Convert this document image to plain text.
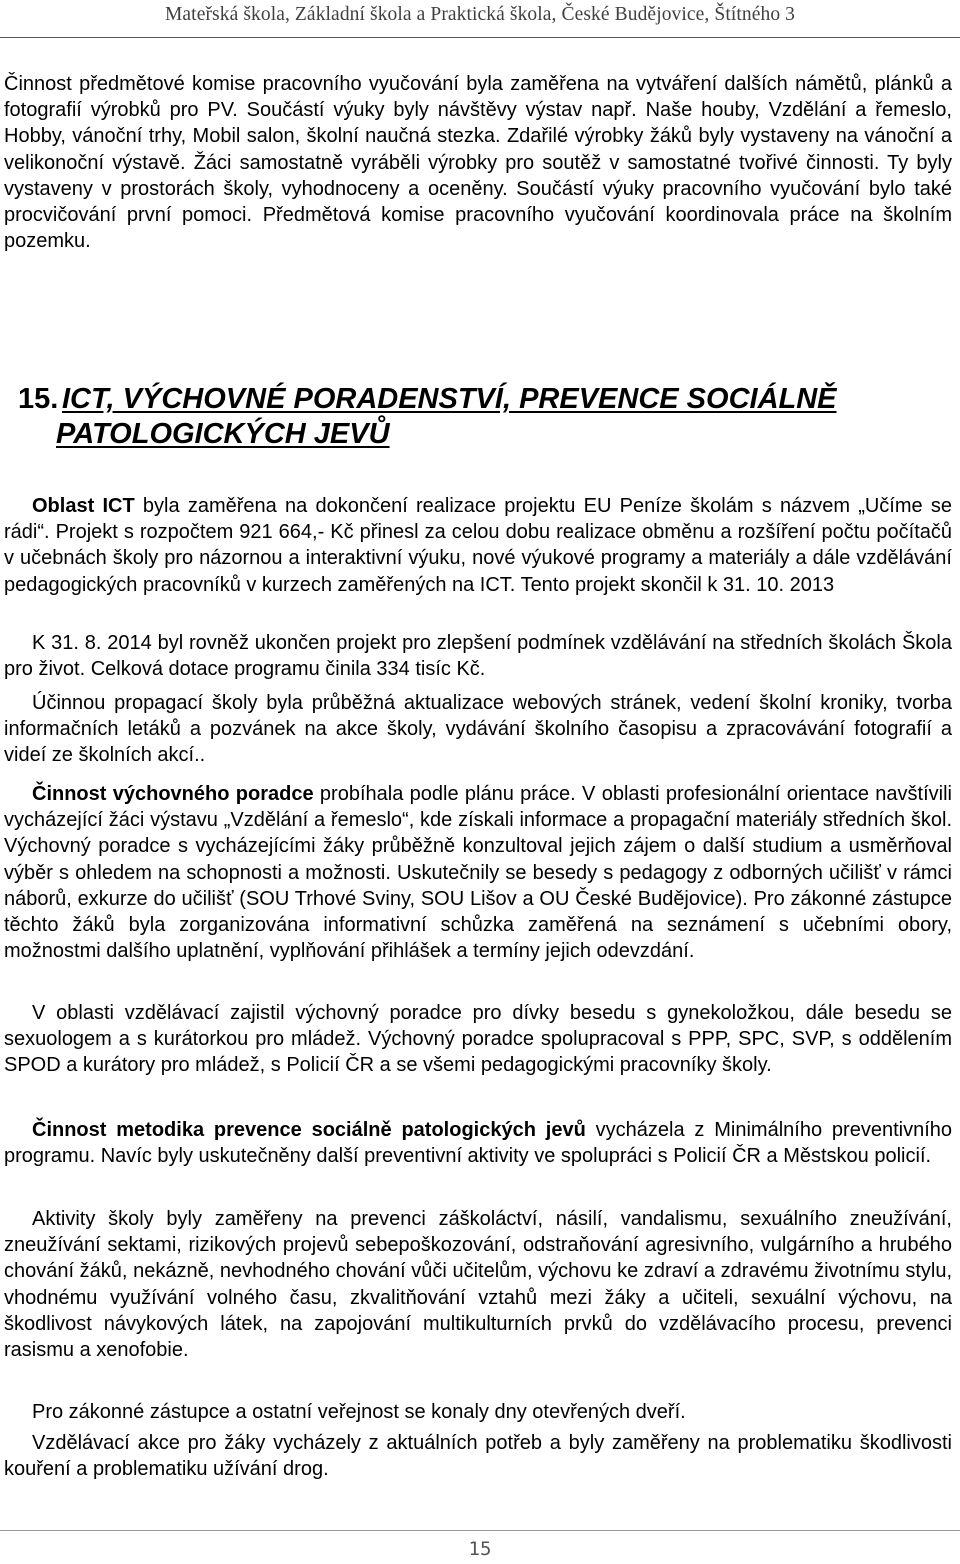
Mateřská škola, Základní škola a Praktická škola, České Budějovice, Štítného 3

Činnost předmětové komise pracovního vyučování byla zaměřena na vytváření dalších námětů, plánků a fotografií výrobků pro PV. Součástí výuky byly návštěvy výstav např. Naše houby, Vzdělání a řemeslo, Hobby, vánoční trhy, Mobil salon, školní naučná stezka. Zdařilé výrobky žáků byly vystaveny na vánoční a velikonoční výstavě. Žáci samostatně vyráběli výrobky pro soutěž v samostatné tvořivé činnosti. Ty byly vystaveny v prostorách školy, vyhodnoceny a oceněny. Součástí výuky pracovního vyučování bylo také procvičování první pomoci. Předmětová komise pracovního vyučování koordinovala práce na školním pozemku.

15. ICT, VÝCHOVNÉ PORADENSTVÍ, PREVENCE SOCIÁLNĚ
PATOLOGICKÝCH JEVŮ

Oblast ICT byla zaměřena na dokončení realizace projektu EU Peníze školám s názvem „Učíme se rádi“. Projekt s rozpočtem 921 664,- Kč přinesl za celou dobu realizace obměnu a rozšíření počtu počítačů v učebnách školy pro názornou a interaktivní výuku, nové výukové programy a materiály a dále vzdělávání pedagogických pracovníků v kurzech zaměřených na ICT. Tento projekt skončil k 31. 10. 2013

K 31. 8. 2014 byl rovněž ukončen projekt pro zlepšení podmínek vzdělávání na středních školách Škola pro život. Celková dotace programu činila 334 tisíc Kč.

Účinnou propagací školy byla průběžná aktualizace webových stránek, vedení školní kroniky, tvorba informačních letáků a pozvánek na akce školy, vydávání školního časopisu a zpracovávání fotografií a videí ze školních akcí..

Činnost výchovného poradce probíhala podle plánu práce. V oblasti profesionální orientace navštívili vycházející žáci výstavu „Vzdělání a řemeslo“, kde získali informace a propagační materiály středních škol. Výchovný poradce s vycházejícími žáky průběžně konzultoval jejich zájem o další studium a usměrňoval výběr s ohledem na schopnosti a možnosti. Uskutečnily se besedy s pedagogy z odborných učilišť v rámci náborů, exkurze do učilišť (SOU Trhové Sviny, SOU Lišov a OU České Budějovice). Pro zákonné zástupce těchto žáků byla zorganizována informativní schůzka zaměřená na seznámení s učebními obory, možnostmi dalšího uplatnění, vyplňování přihlášek a termíny jejich odevzdání.

V oblasti vzdělávací zajistil výchovný poradce pro dívky besedu s gynekoložkou, dále besedu se sexuologem a s kurátorkou pro mládež. Výchovný poradce spolupracoval s PPP, SPC, SVP, s oddělením SPOD a kurátory pro mládež, s Policií ČR a se všemi pedagogickými pracovníky školy.

Činnost metodika prevence sociálně patologických jevů vycházela z Minimálního preventivního programu. Navíc byly uskutečněny další preventivní aktivity ve spolupráci s Policií ČR a Městskou policií.

Aktivity školy byly zaměřeny na prevenci záškoláctví, násilí, vandalismu, sexuálního zneužívání, zneužívání sektami, rizikových projevů sebepoškozování, odstraňování agresivního, vulgárního a hrubého chování žáků, nekázně, nevhodného chování vůči učitelům, výchovu ke zdraví a zdravému životnímu stylu, vhodnému využívání volného času, zkvalitňování vztahů mezi žáky a učiteli, sexuální výchovu, na škodlivost návykových látek, na zapojování multikulturních prvků do vzdělávacího procesu, prevenci rasismu a xenofobie.

Pro zákonné zástupce a ostatní veřejnost se konaly dny otevřených dveří.

Vzdělávací akce pro žáky vycházely z aktuálních potřeb a byly zaměřeny na problematiku škodlivosti kouření a problematiku užívání drog.

15
